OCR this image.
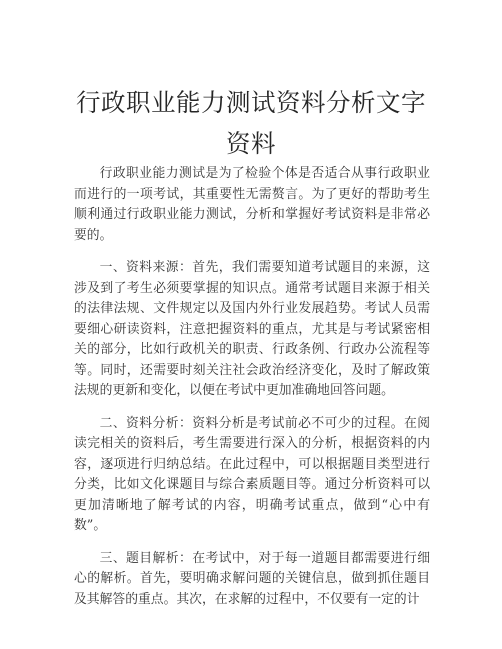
行政职业能力测试资料分析文字资料

行政职业能力测试是为了检验个体是否适合从事行政职业而进行的一项考试，其重要性无需赘言。为了更好的帮助考生顺利通过行政职业能力测试，分析和掌握好考试资料是非常必要的。

一、资料来源：首先，我们需要知道考试题目的来源，这涉及到了考生必须要掌握的知识点。通常考试题目来源于相关的法律法规、文件规定以及国内外行业发展趋势。考试人员需要细心研读资料，注意把握资料的重点，尤其是与考试紧密相关的部分，比如行政机关的职责、行政条例、行政办公流程等等。同时，还需要时刻关注社会政治经济变化，及时了解政策法规的更新和变化，以便在考试中更加准确地回答问题。

二、资料分析：资料分析是考试前必不可少的过程。在阅读完相关的资料后，考生需要进行深入的分析，根据资料的内容，逐项进行归纳总结。在此过程中，可以根据题目类型进行分类，比如文化课题目与综合素质题目等。通过分析资料可以更加清晰地了解考试的内容，明确考试重点，做到“心中有数”。

三、题目解析：在考试中，对于每一道题目都需要进行细心的解析。首先，要明确求解问题的关键信息，做到抓住题目及其解答的重点。其次，在求解的过程中，不仅要有一定的计
